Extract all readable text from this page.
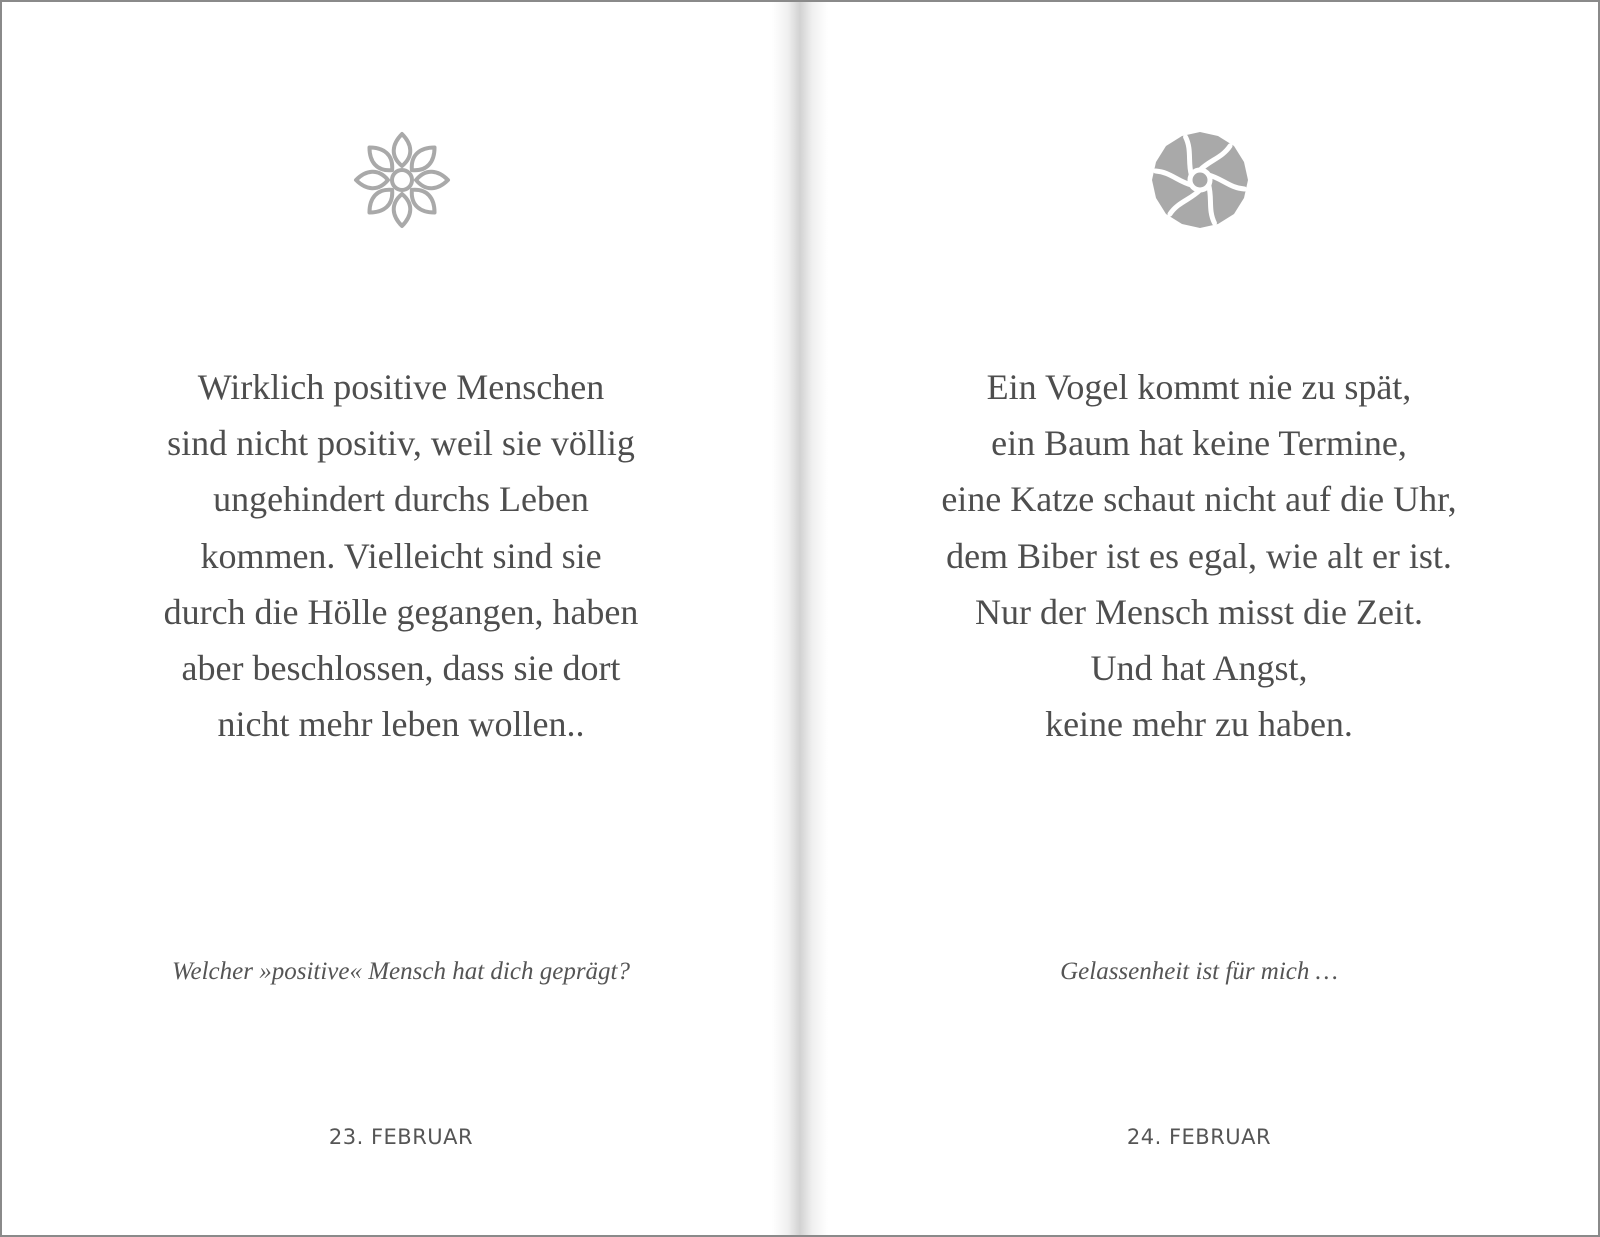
Wirklich positive Menschen
sind nicht positiv, weil sie völlig
ungehindert durchs Leben
kommen. Vielleicht sind sie
durch die Hölle gegangen, haben
aber beschlossen, dass sie dort
nicht mehr leben wollen..
Welcher »positive« Mensch hat dich geprägt?
23. FEBRUAR
Ein Vogel kommt nie zu spät,
ein Baum hat keine Termine,
eine Katze schaut nicht auf die Uhr,
dem Biber ist es egal, wie alt er ist.
Nur der Mensch misst die Zeit.
Und hat Angst,
keine mehr zu haben.
Gelassenheit ist für mich …
24. FEBRUAR
